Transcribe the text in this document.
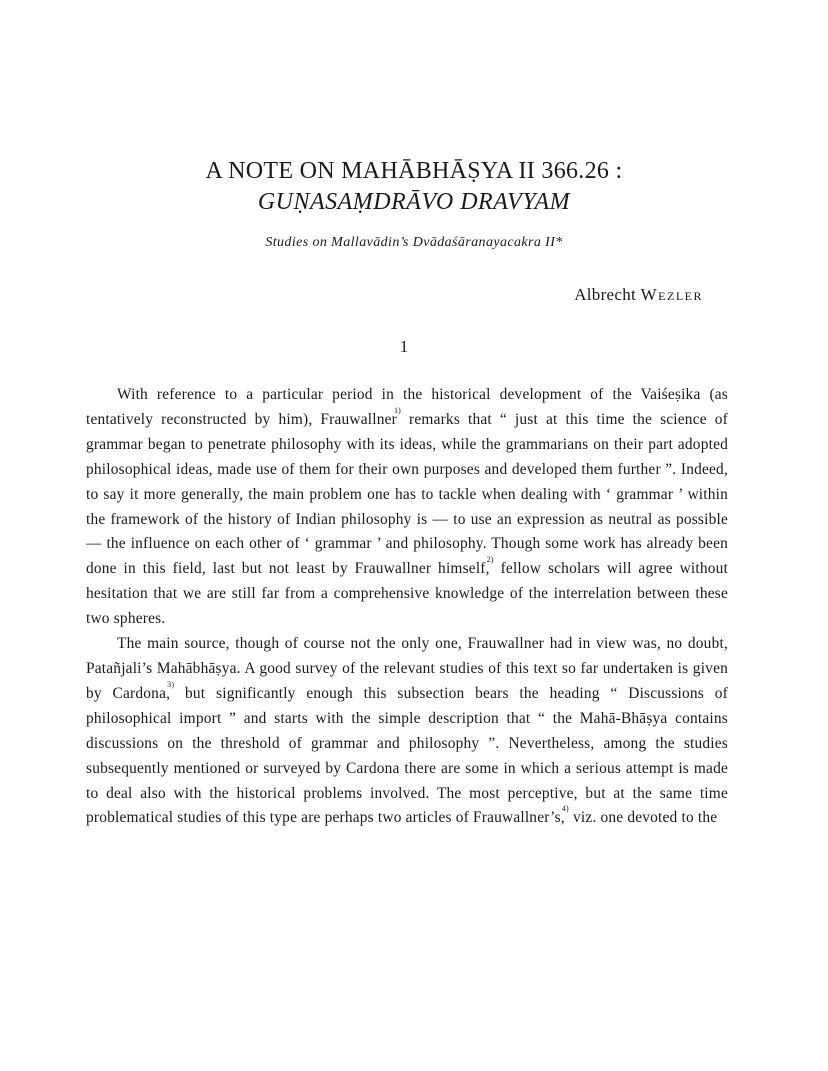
A NOTE ON MAHĀBHĀṢYA II 366.26 :
GUṆASAṂDRĀVO DRAVYAM
Studies on Mallavādin’s Dvādaśāranayacakra II*
Albrecht Wezler
1

With reference to a particular period in the historical development of the Vaiśeṣika (as tentatively reconstructed by him), Frauwallner$^{1)}$ remarks that “ just at this time the science of grammar began to penetrate philosophy with its ideas, while the grammarians on their part adopted philosophical ideas, made use of them for their own purposes and developed them further ”. Indeed, to say it more generally, the main problem one has to tackle when dealing with ‘ grammar ’ within the framework of the history of Indian philosophy is — to use an expression as neutral as possible — the influence on each other of ‘ grammar ’ and philosophy. Though some work has already been done in this field, last but not least by Frauwallner himself,$^{2)}$ fellow scholars will agree without hesitation that we are still far from a comprehensive knowledge of the interrelation between these two spheres.

The main source, though of course not the only one, Frauwallner had in view was, no doubt, Patañjali’s Mahābhāṣya. A good survey of the relevant studies of this text so far undertaken is given by Cardona,$^{3)}$ but significantly enough this subsection bears the heading “ Discussions of philosophical import ” and starts with the simple description that “ the Mahā-Bhāṣya contains discussions on the threshold of grammar and philosophy ”. Nevertheless, among the studies subsequently mentioned or surveyed by Cardona there are some in which a serious attempt is made to deal also with the historical problems involved. The most perceptive, but at the same time problematical studies of this type are perhaps two articles of Frauwallner’s,$^{4)}$ viz. one devoted to the
